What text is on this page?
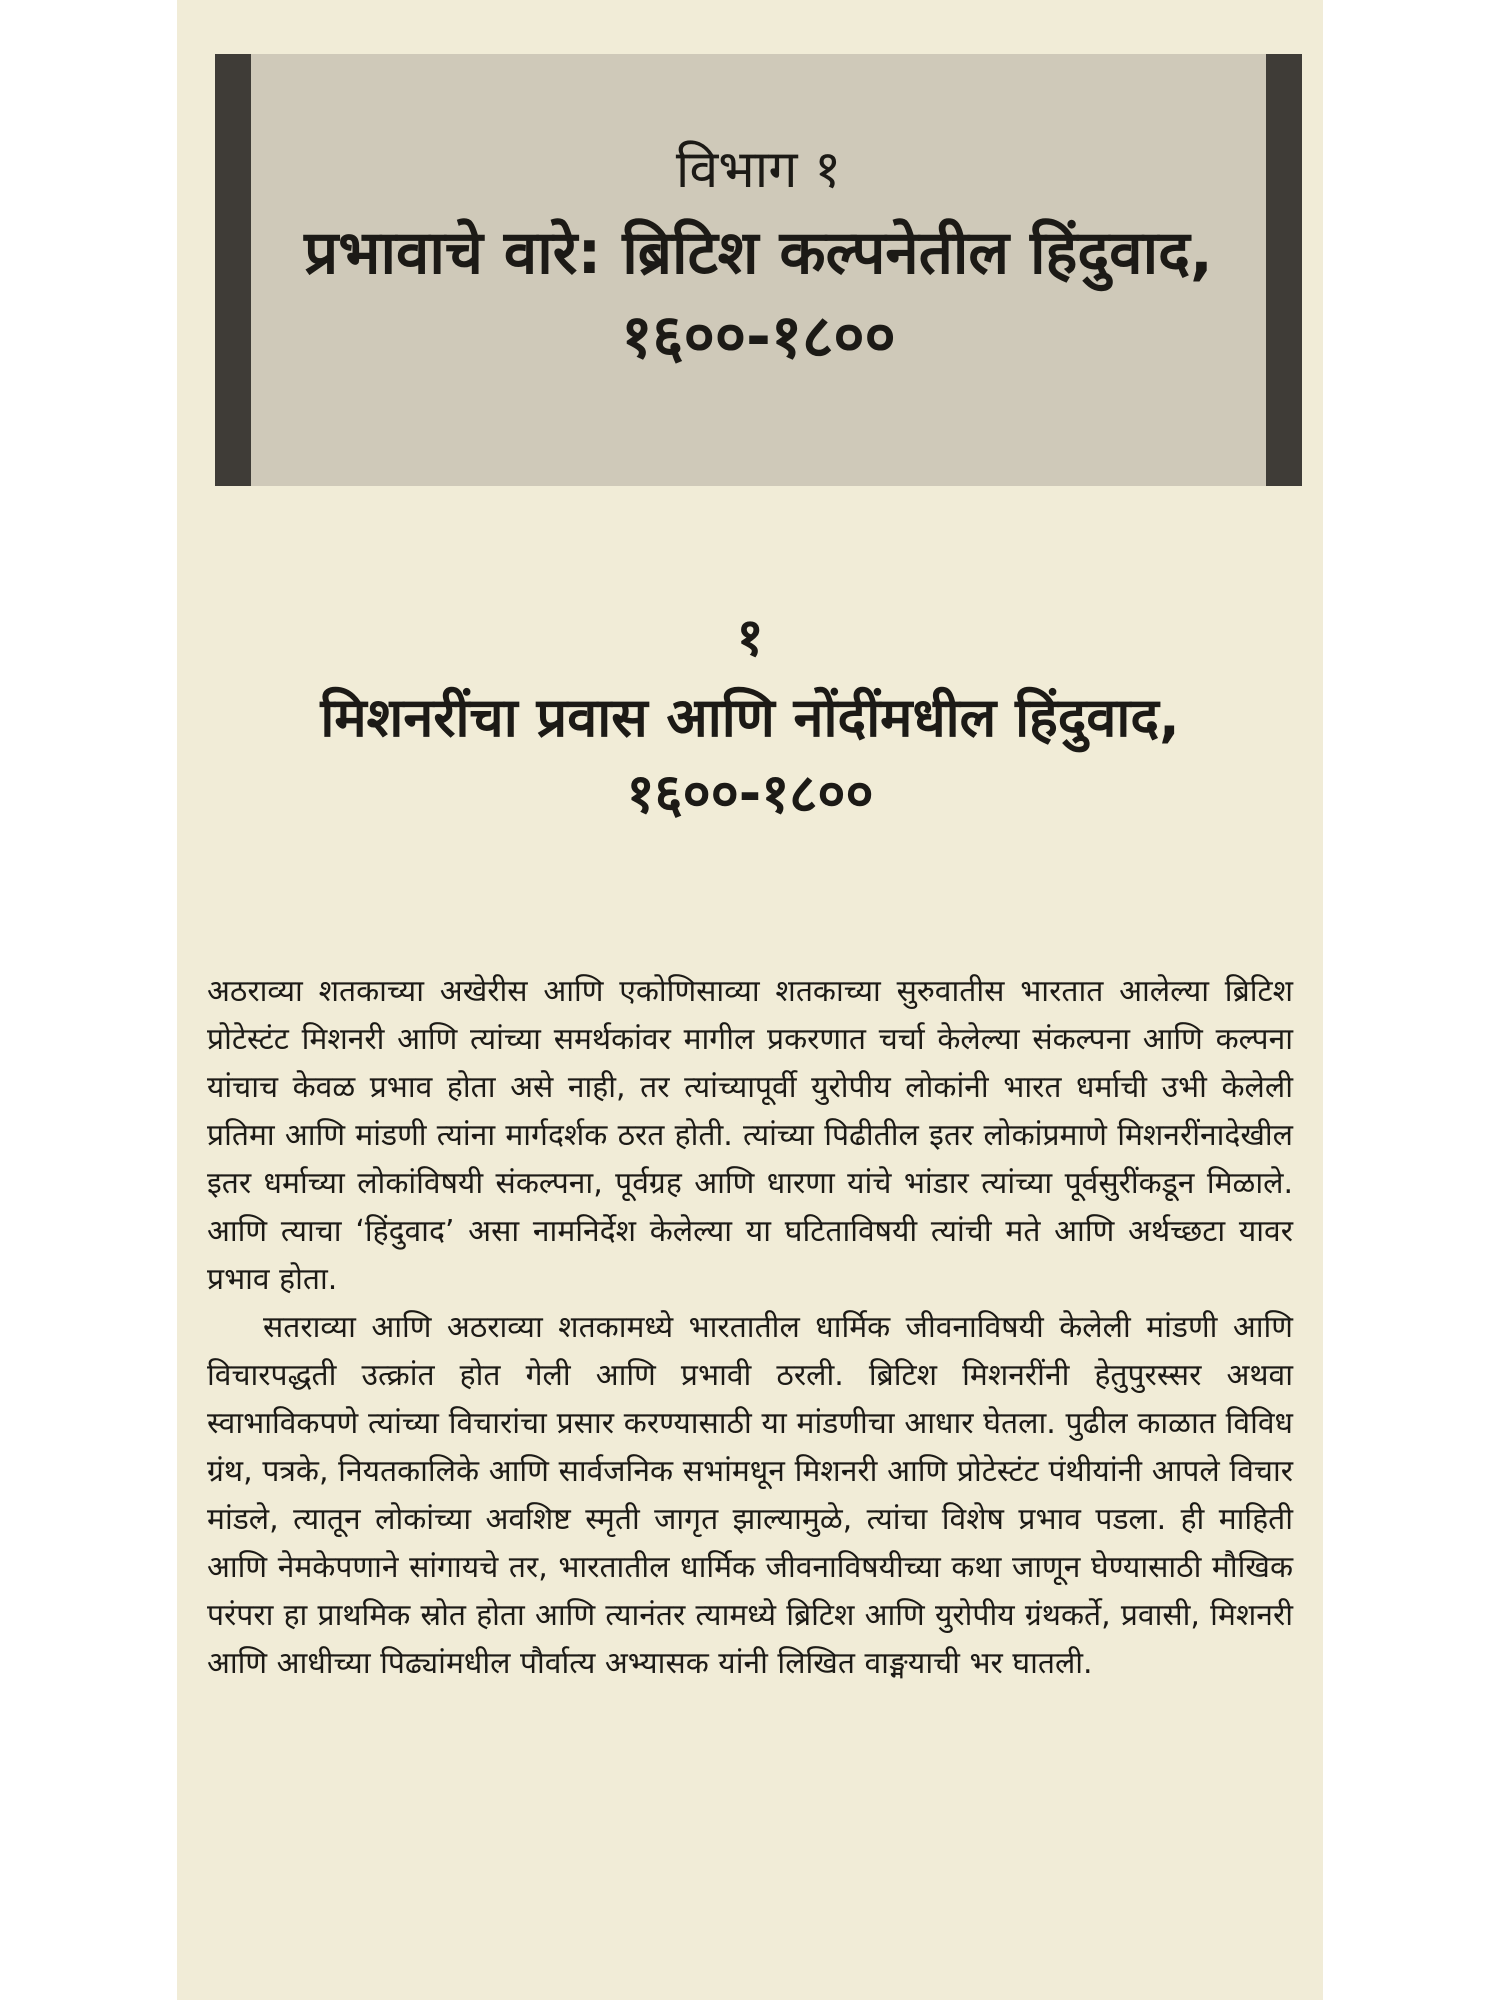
विभाग १
प्रभावाचे वारे: ब्रिटिश कल्पनेतील हिंदुवाद, १६००-१८००
१
मिशनरींचा प्रवास आणि नोंदींमधील हिंदुवाद, १६००-१८००

अठराव्या शतकाच्या अखेरीस आणि एकोणिसाव्या शतकाच्या सुरुवातीस भारतात आलेल्या ब्रिटिश प्रोटेस्टंट मिशनरी आणि त्यांच्या समर्थकांवर मागील प्रकरणात चर्चा केलेल्या संकल्पना आणि कल्पना यांचाच केवळ प्रभाव होता असे नाही, तर त्यांच्यापूर्वी युरोपीय लोकांनी भारत धर्माची उभी केलेली प्रतिमा आणि मांडणी त्यांना मार्गदर्शक ठरत होती. त्यांच्या पिढीतील इतर लोकांप्रमाणे मिशनरींनादेखील इतर धर्माच्या लोकांविषयी संकल्पना, पूर्वग्रह आणि धारणा यांचे भांडार त्यांच्या पूर्वसुरींकडून मिळाले. आणि त्याचा ‘हिंदुवाद’ असा नामनिर्देश केलेल्या या घटिताविषयी त्यांची मते आणि अर्थच्छटा यावर प्रभाव होता.

सतराव्या आणि अठराव्या शतकामध्ये भारतातील धार्मिक जीवनाविषयी केलेली मांडणी आणि विचारपद्धती उत्क्रांत होत गेली आणि प्रभावी ठरली. ब्रिटिश मिशनरींनी हेतुपुरस्सर अथवा स्वाभाविकपणे त्यांच्या विचारांचा प्रसार करण्यासाठी या मांडणीचा आधार घेतला. पुढील काळात विविध ग्रंथ, पत्रके, नियतकालिके आणि सार्वजनिक सभांमधून मिशनरी आणि प्रोटेस्टंट पंथीयांनी आपले विचार मांडले, त्यातून लोकांच्या अवशिष्ट स्मृती जागृत झाल्यामुळे, त्यांचा विशेष प्रभाव पडला. ही माहिती आणि नेमकेपणाने सांगायचे तर, भारतातील धार्मिक जीवनाविषयीच्या कथा जाणून घेण्यासाठी मौखिक परंपरा हा प्राथमिक स्रोत होता आणि त्यानंतर त्यामध्ये ब्रिटिश आणि युरोपीय ग्रंथकर्ते, प्रवासी, मिशनरी आणि आधीच्या पिढ्यांमधील पौर्वात्य अभ्यासक यांनी लिखित वाङ्मयाची भर घातली.
